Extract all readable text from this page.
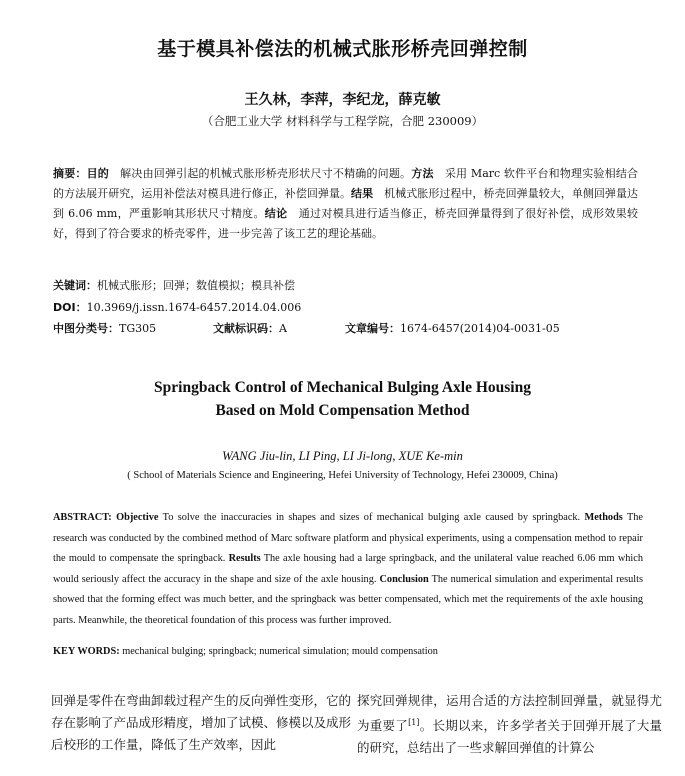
基于模具补偿法的机械式胀形桥壳回弹控制
王久林，李萍，李纪龙，薛克敏
（合肥工业大学 材料科学与工程学院，合肥 230009）
摘要：目的　解决由回弹引起的机械式胀形桥壳形状尺寸不精确的问题。方法　采用 Marc 软件平台和物理实验相结合的方法展开研究，运用补偿法对模具进行修正，补偿回弹量。结果　机械式胀形过程中，桥壳回弹量较大，单侧回弹量达到 6.06 mm，严重影响其形状尺寸精度。结论　通过对模具进行适当修正，桥壳回弹量得到了很好补偿，成形效果较好，得到了符合要求的桥壳零件，进一步完善了该工艺的理论基础。
关键词：机械式胀形；回弹；数值模拟；模具补偿
DOI：10.3969/j.issn.1674-6457.2014.04.006
中图分类号：TG305	文献标识码：A	文章编号：1674-6457(2014)04-0031-05
Springback Control of Mechanical Bulging Axle Housing
Based on Mold Compensation Method
WANG Jiu-lin, LI Ping, LI Ji-long, XUE Ke-min
( School of Materials Science and Engineering, Hefei University of Technology, Hefei 230009, China)
ABSTRACT: Objective To solve the inaccuracies in shapes and sizes of mechanical bulging axle caused by springback. Methods The research was conducted by the combined method of Marc software platform and physical experiments, using a compensation method to repair the mould to compensate the springback. Results The axle housing had a large springback, and the unilateral value reached 6.06 mm which would seriously affect the accuracy in the shape and size of the axle housing. Conclusion The numerical simulation and experimental results showed that the forming effect was much better, and the springback was better compensated, which met the requirements of the axle housing parts. Meanwhile, the theoretical foundation of this process was further improved.
KEY WORDS: mechanical bulging; springback; numerical simulation; mould compensation
回弹是零件在弯曲卸载过程产生的反向弹性变形，它的存在影响了产品成形精度，增加了试模、修模以及成形后校形的工作量，降低了生产效率，因此
探究回弹规律，运用合适的方法控制回弹量，就显得尤为重要了[1]。长期以来，许多学者关于回弹开展了大量的研究，总结出了一些求解回弹值的计算公
